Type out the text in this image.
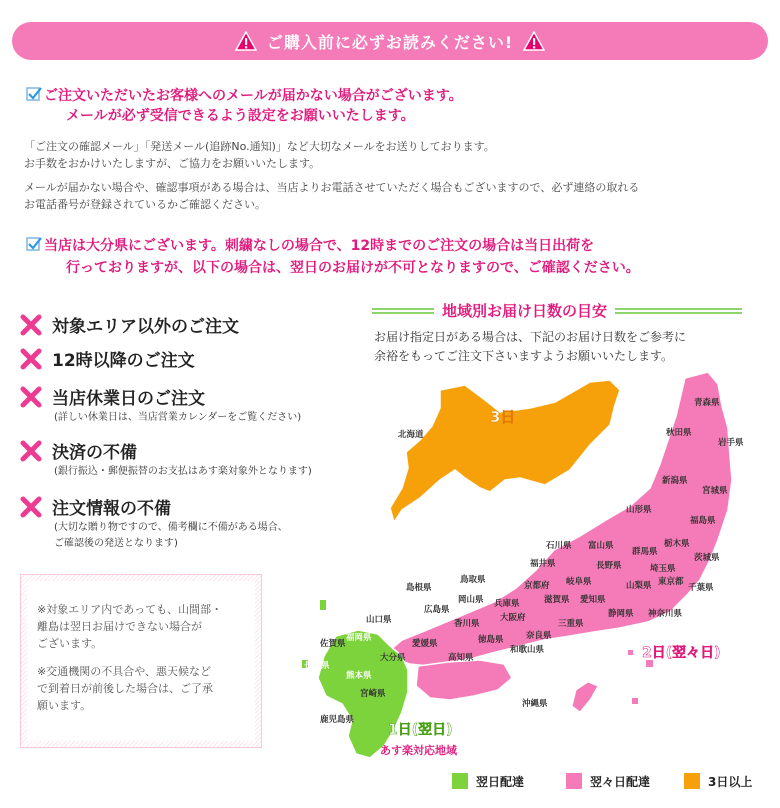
ご購入前に必ずお読みください!
ご注文いただいたお客様へのメールが届かない場合がございます。
メールが必ず受信できるよう設定をお願いいたします。
「ご注文の確認メール」「発送メール(追跡No.通知)」など大切なメールをお送りしております。
お手数をおかけいたしますが、ご協力をお願いいたします。
メールが届かない場合や、確認事項がある場合は、当店よりお電話させていただく場合もございますので、必ず連絡の取れる
お電話番号が登録されているかご確認ください。
当店は大分県にございます。刺繍なしの場合で、12時までのご注文の場合は当日出荷を
行っておりますが、以下の場合は、翌日のお届けが不可となりますので、ご確認ください。
対象エリア以外のご注文
12時以降のご注文
当店休業日のご注文
(詳しい休業日は、当店営業カレンダーをご覧ください)
決済の不備
(銀行振込・郵便振替のお支払はあす楽対象外となります)
注文情報の不備
(大切な贈り物ですので、備考欄に不備がある場合、
ご確認後の発送となります)
※対象エリア内であっても、山間部・
離島は翌日お届けできない場合が
ございます。
※交通機関の不具合や、悪天候など
で到着日が前後した場合は、ご了承
願います。
地域別お届け日数の目安
お届け指定日がある場合は、下記のお届け日数をご参考に
余裕をもってご注文下さいますようお願いいたします。
3日
2日(翌々日)
1日(翌日)
あす楽対応地域
北海道
青森県
秋田県
岩手県
新潟県
宮城県
山形県
福島県
石川県 富山県	栃木県
茨城県
群馬県
福井県	長野県	埼玉県
島根県
鳥取県
京都府 岐阜県	山梨県 東京都
千葉県
兵庫県	滋賀県 愛知県
岡山県
広島県
山口県	大阪府	静岡県 神奈川県
香川県	三重県
愛媛県	徳島県	奈良県
福岡県
佐賀県
大分県	高知県
和歌山県
長崎県
熊本県
宮崎県
鹿児島県
沖縄県
翌日配達	翌々日配達	3日以上
